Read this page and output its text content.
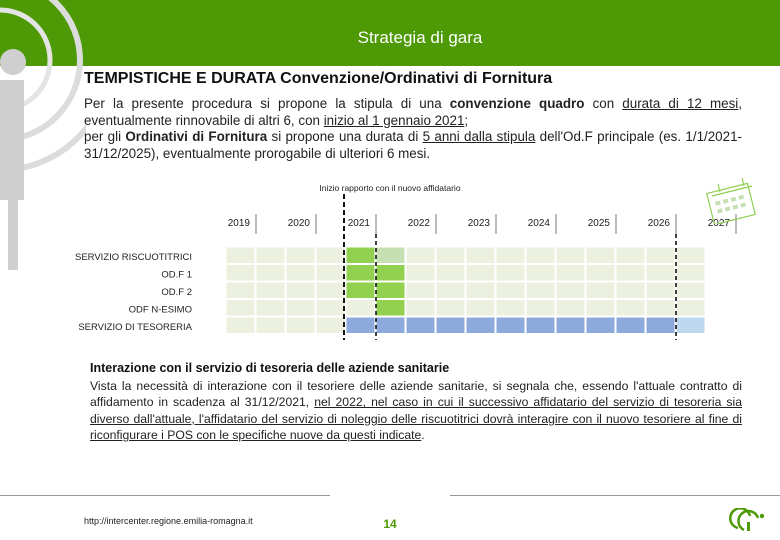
Strategia di gara
TEMPISTICHE E DURATA Convenzione/Ordinativi di Fornitura
Per la presente procedura si propone la stipula di una convenzione quadro con durata di 12 mesi, eventualmente rinnovabile di altri 6, con inizio al 1 gennaio 2021;
per gli Ordinativi di Fornitura si propone una durata di 5 anni dalla stipula dell'Od.F principale (es. 1/1/2021-31/12/2025), eventualmente prorogabile di ulteriori 6 mesi.
Inizio rapporto con il nuovo affidatario
2019	2020	2021	2022	2023	2024	2025	2026	2027
SERVIZIO RISCUOTITRICI
OD.F 1
OD.F 2
ODF N-ESIMO
SERVIZIO DI TESORERIA
Interazione con il servizio di tesoreria delle aziende sanitarie
Vista la necessità di interazione con il tesoriere delle aziende sanitarie, si segnala che, essendo l'attuale contratto di affidamento in scadenza al 31/12/2021, nel 2022, nel caso in cui il successivo affidatario del servizio di tesoreria sia diverso dall'attuale, l'affidatario del servizio di noleggio delle riscuotitrici dovrà interagire con il nuovo tesoriere al fine di riconfigurare i POS con le specifiche nuove da questi indicate.
http://intercenter.regione.emilia-romagna.it	14
